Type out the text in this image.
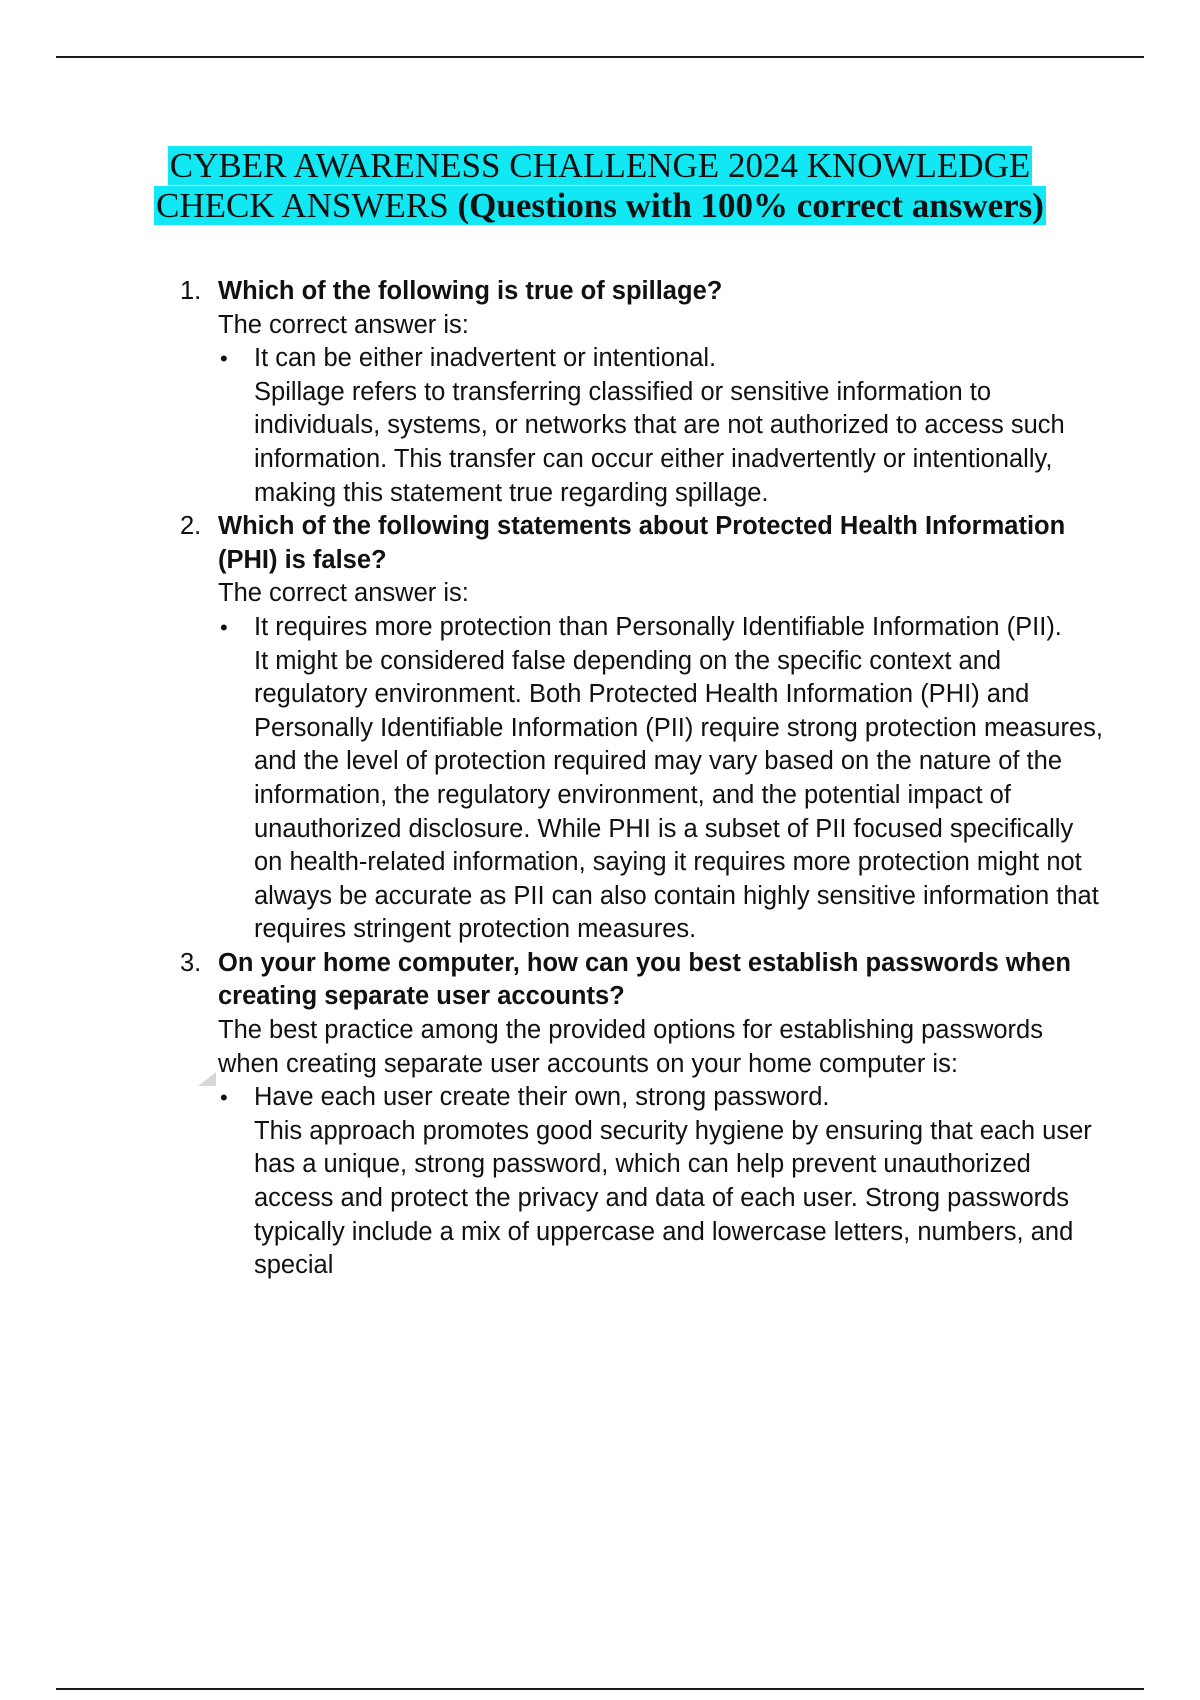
CYBER AWARENESS CHALLENGE 2024 KNOWLEDGE
CHECK ANSWERS (Questions with 100% correct answers)
1. Which of the following is true of spillage?
The correct answer is:
• It can be either inadvertent or intentional.
Spillage refers to transferring classified or sensitive information to individuals, systems, or networks that are not authorized to access such information. This transfer can occur either inadvertently or intentionally, making this statement true regarding spillage.
2. Which of the following statements about Protected Health Information (PHI) is false?
The correct answer is:
• It requires more protection than Personally Identifiable Information (PII).
It might be considered false depending on the specific context and regulatory environment. Both Protected Health Information (PHI) and Personally Identifiable Information (PII) require strong protection measures, and the level of protection required may vary based on the nature of the information, the regulatory environment, and the potential impact of unauthorized disclosure. While PHI is a subset of PII focused specifically on health-related information, saying it requires more protection might not always be accurate as PII can also contain highly sensitive information that requires stringent protection measures.
3. On your home computer, how can you best establish passwords when creating separate user accounts?
The best practice among the provided options for establishing passwords when creating separate user accounts on your home computer is:
• Have each user create their own, strong password.
This approach promotes good security hygiene by ensuring that each user has a unique, strong password, which can help prevent unauthorized access and protect the privacy and data of each user. Strong passwords typically include a mix of uppercase and lowercase letters, numbers, and special
